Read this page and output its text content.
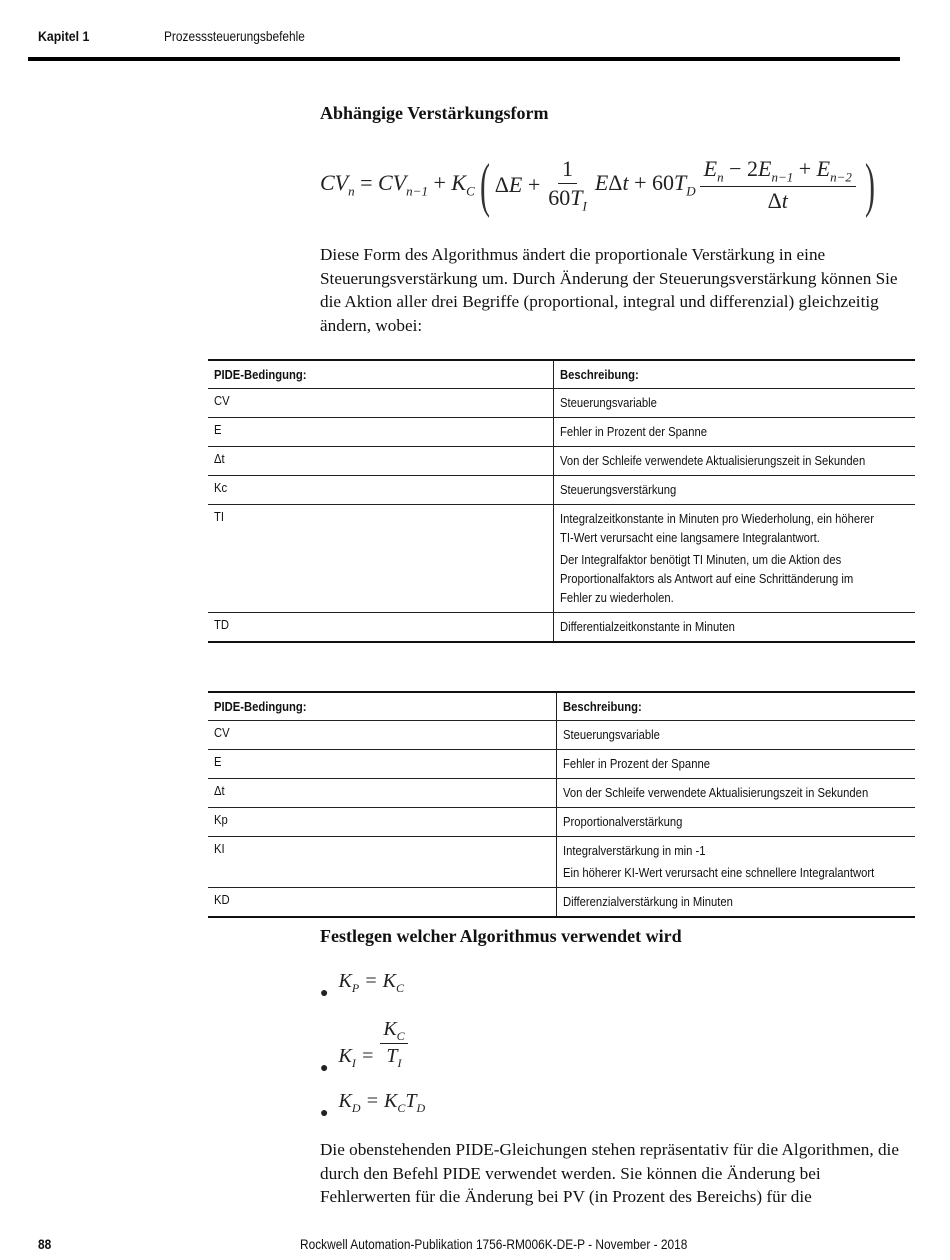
Kapitel 1	Prozesssteuerungsbefehle
Abhängige Verstärkungsform
$CV_n = CV_{n-1} + K_C$ ( $\Delta E + \frac{1}{60T_I}$ $E\Delta t + 60T_D \frac{E_n - 2E_{n-1} + E_{n-2}}{\Delta t}$ )

Diese Form des Algorithmus ändert die proportionale Verstärkung in eine Steuerungsverstärkung um. Durch Änderung der Steuerungsverstärkung können Sie die Aktion aller drei Begriffe (proportional, integral und differenzial) gleichzeitig ändern, wobei:

PIDE-Bedingung:	Beschreibung:
CV	Steuerungsvariable

E	Fehler in Prozent der Spanne

Δt	Von der Schleife verwendete Aktualisierungszeit in Sekunden

Kc	Steuerungsverstärkung

TI	Integralzeitkonstante in Minuten pro Wiederholung, ein höherer
TI-Wert verursacht eine langsamere Integralantwort.
Der Integralfaktor benötigt TI Minuten, um die Aktion des
Proportionalfaktors als Antwort auf eine Schrittänderung im
Fehler zu wiederholen.

TD	Differentialzeitkonstante in Minuten
PIDE-Bedingung:	Beschreibung:
CV	Steuerungsvariable

E	Fehler in Prozent der Spanne

Δt	Von der Schleife verwendete Aktualisierungszeit in Sekunden

Kp	Proportionalverstärkung

KI	Integralverstärkung in min -1
Ein höherer KI-Wert verursacht eine schnellere Integralantwort

KD	Differenzialverstärkung in Minuten
Festlegen welcher Algorithmus verwendet wird
●
$K_P = K_C$
●
$K_I = \frac{K_C}{T_I}$
●
$K_D = K_CT_D$

Die obenstehenden PIDE-Gleichungen stehen repräsentativ für die Algorithmen, die durch den Befehl PIDE verwendet werden. Sie können die Änderung bei Fehlerwerten für die Änderung bei PV (in Prozent des Bereichs) für die

88	Rockwell Automation-Publikation 1756-RM006K-DE-P - November - 2018
